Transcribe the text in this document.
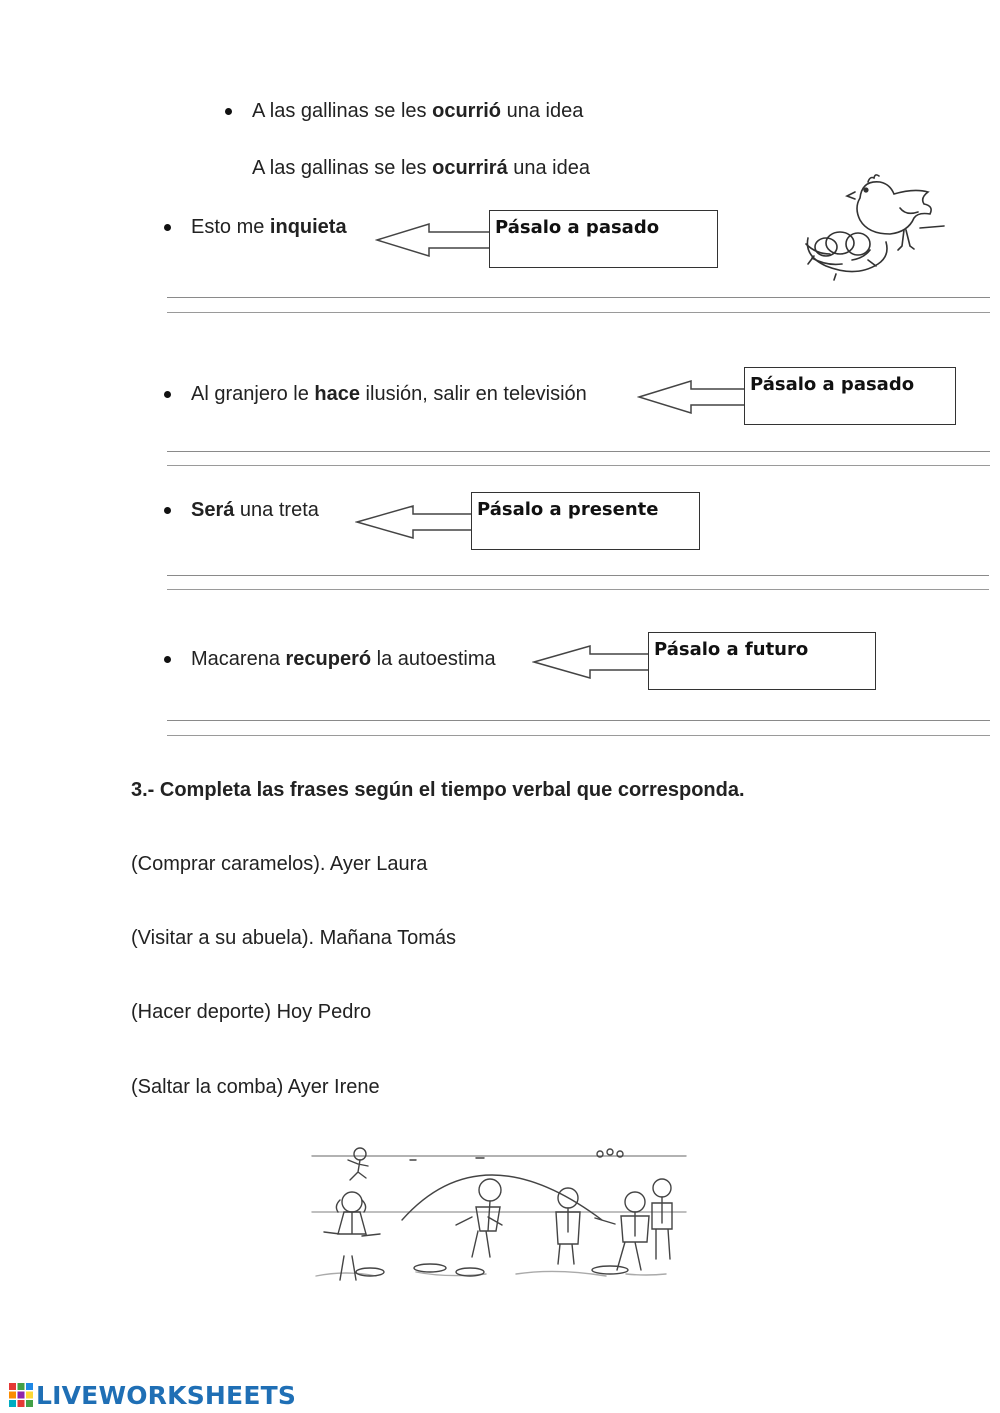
A las gallinas se les ocurrió una idea
A las gallinas se les ocurrirá una idea
Esto me inquieta	Pásalo a pasado
Al granjero le hace ilusión, salir en televisión	Pásalo a pasado
Será una treta	Pásalo a presente
Macarena recuperó la autoestima	Pásalo a futuro
3.- Completa las frases según el tiempo verbal que corresponda.
(Comprar caramelos). Ayer Laura
(Visitar a su abuela). Mañana Tomás
(Hacer deporte) Hoy Pedro
(Saltar la comba) Ayer Irene
LIVEWORKSHEETS
